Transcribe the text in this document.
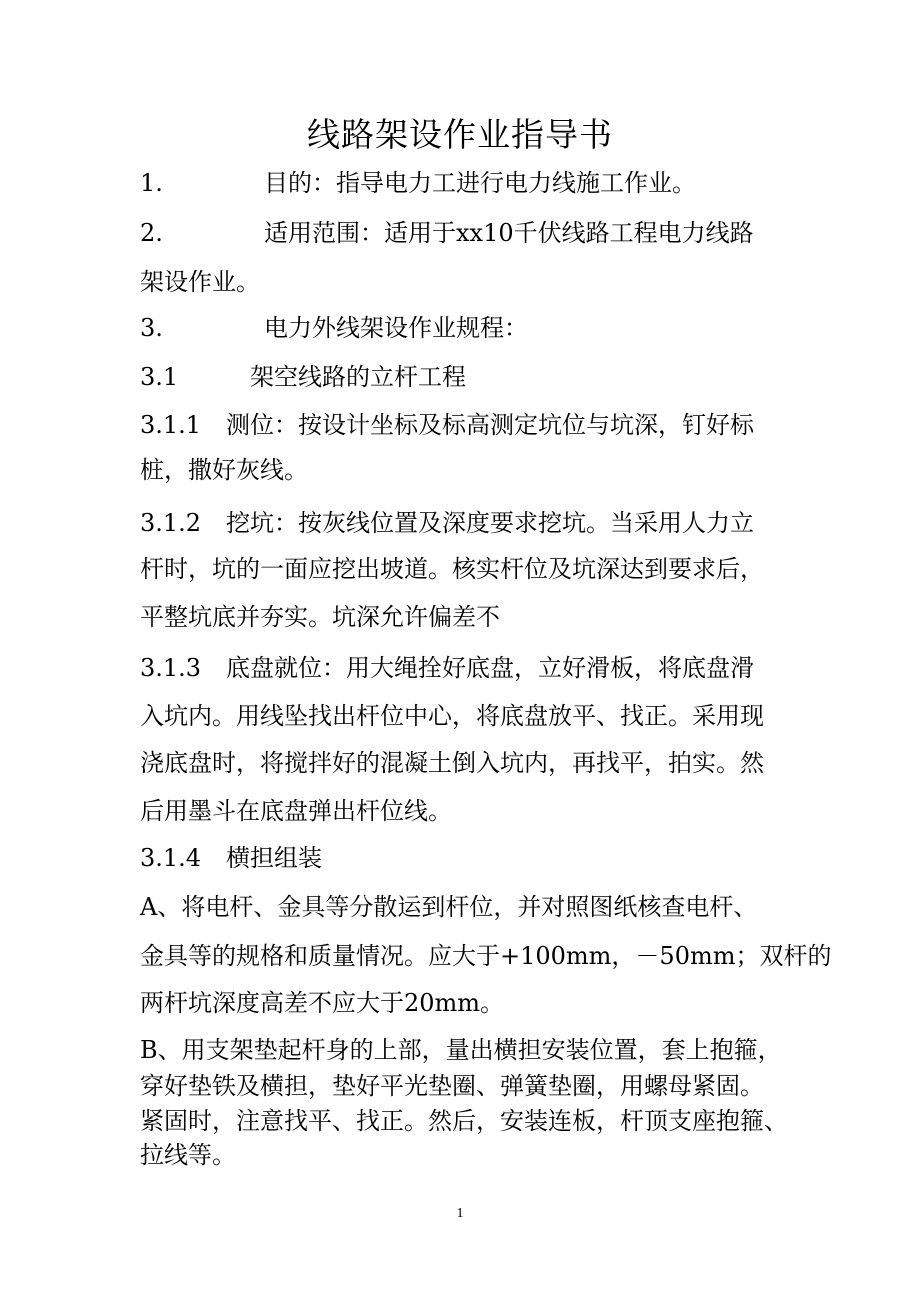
线路架设作业指导书
1.	目的：指导电力工进行电力线施工作业。
2.	适用范围：适用于xx10千伏线路工程电力线路
架设作业。
3.	电力外线架设作业规程：
3.1	架空线路的立杆工程
3.1.1 测位：按设计坐标及标高测定坑位与坑深，钉好标
桩，撒好灰线。
3.1.2 挖坑：按灰线位置及深度要求挖坑。当采用人力立
杆时，坑的一面应挖出坡道。核实杆位及坑深达到要求后，
平整坑底并夯实。坑深允许偏差不
3.1.3 底盘就位：用大绳拴好底盘，立好滑板，将底盘滑
入坑内。用线坠找出杆位中心，将底盘放平、找正。采用现
浇底盘时，将搅拌好的混凝土倒入坑内，再找平，拍实。然
后用墨斗在底盘弹出杆位线。
3.1.4 横担组装
A、将电杆、金具等分散运到杆位，并对照图纸核查电杆、
金具等的规格和质量情况。应大于+100mm，－50mm；双杆的
两杆坑深度高差不应大于20mm。
B、用支架垫起杆身的上部，量出横担安装位置，套上抱箍，
穿好垫铁及横担，垫好平光垫圈、弹簧垫圈，用螺母紧固。
紧固时，注意找平、找正。然后，安装连板，杆顶支座抱箍、
拉线等。
1
